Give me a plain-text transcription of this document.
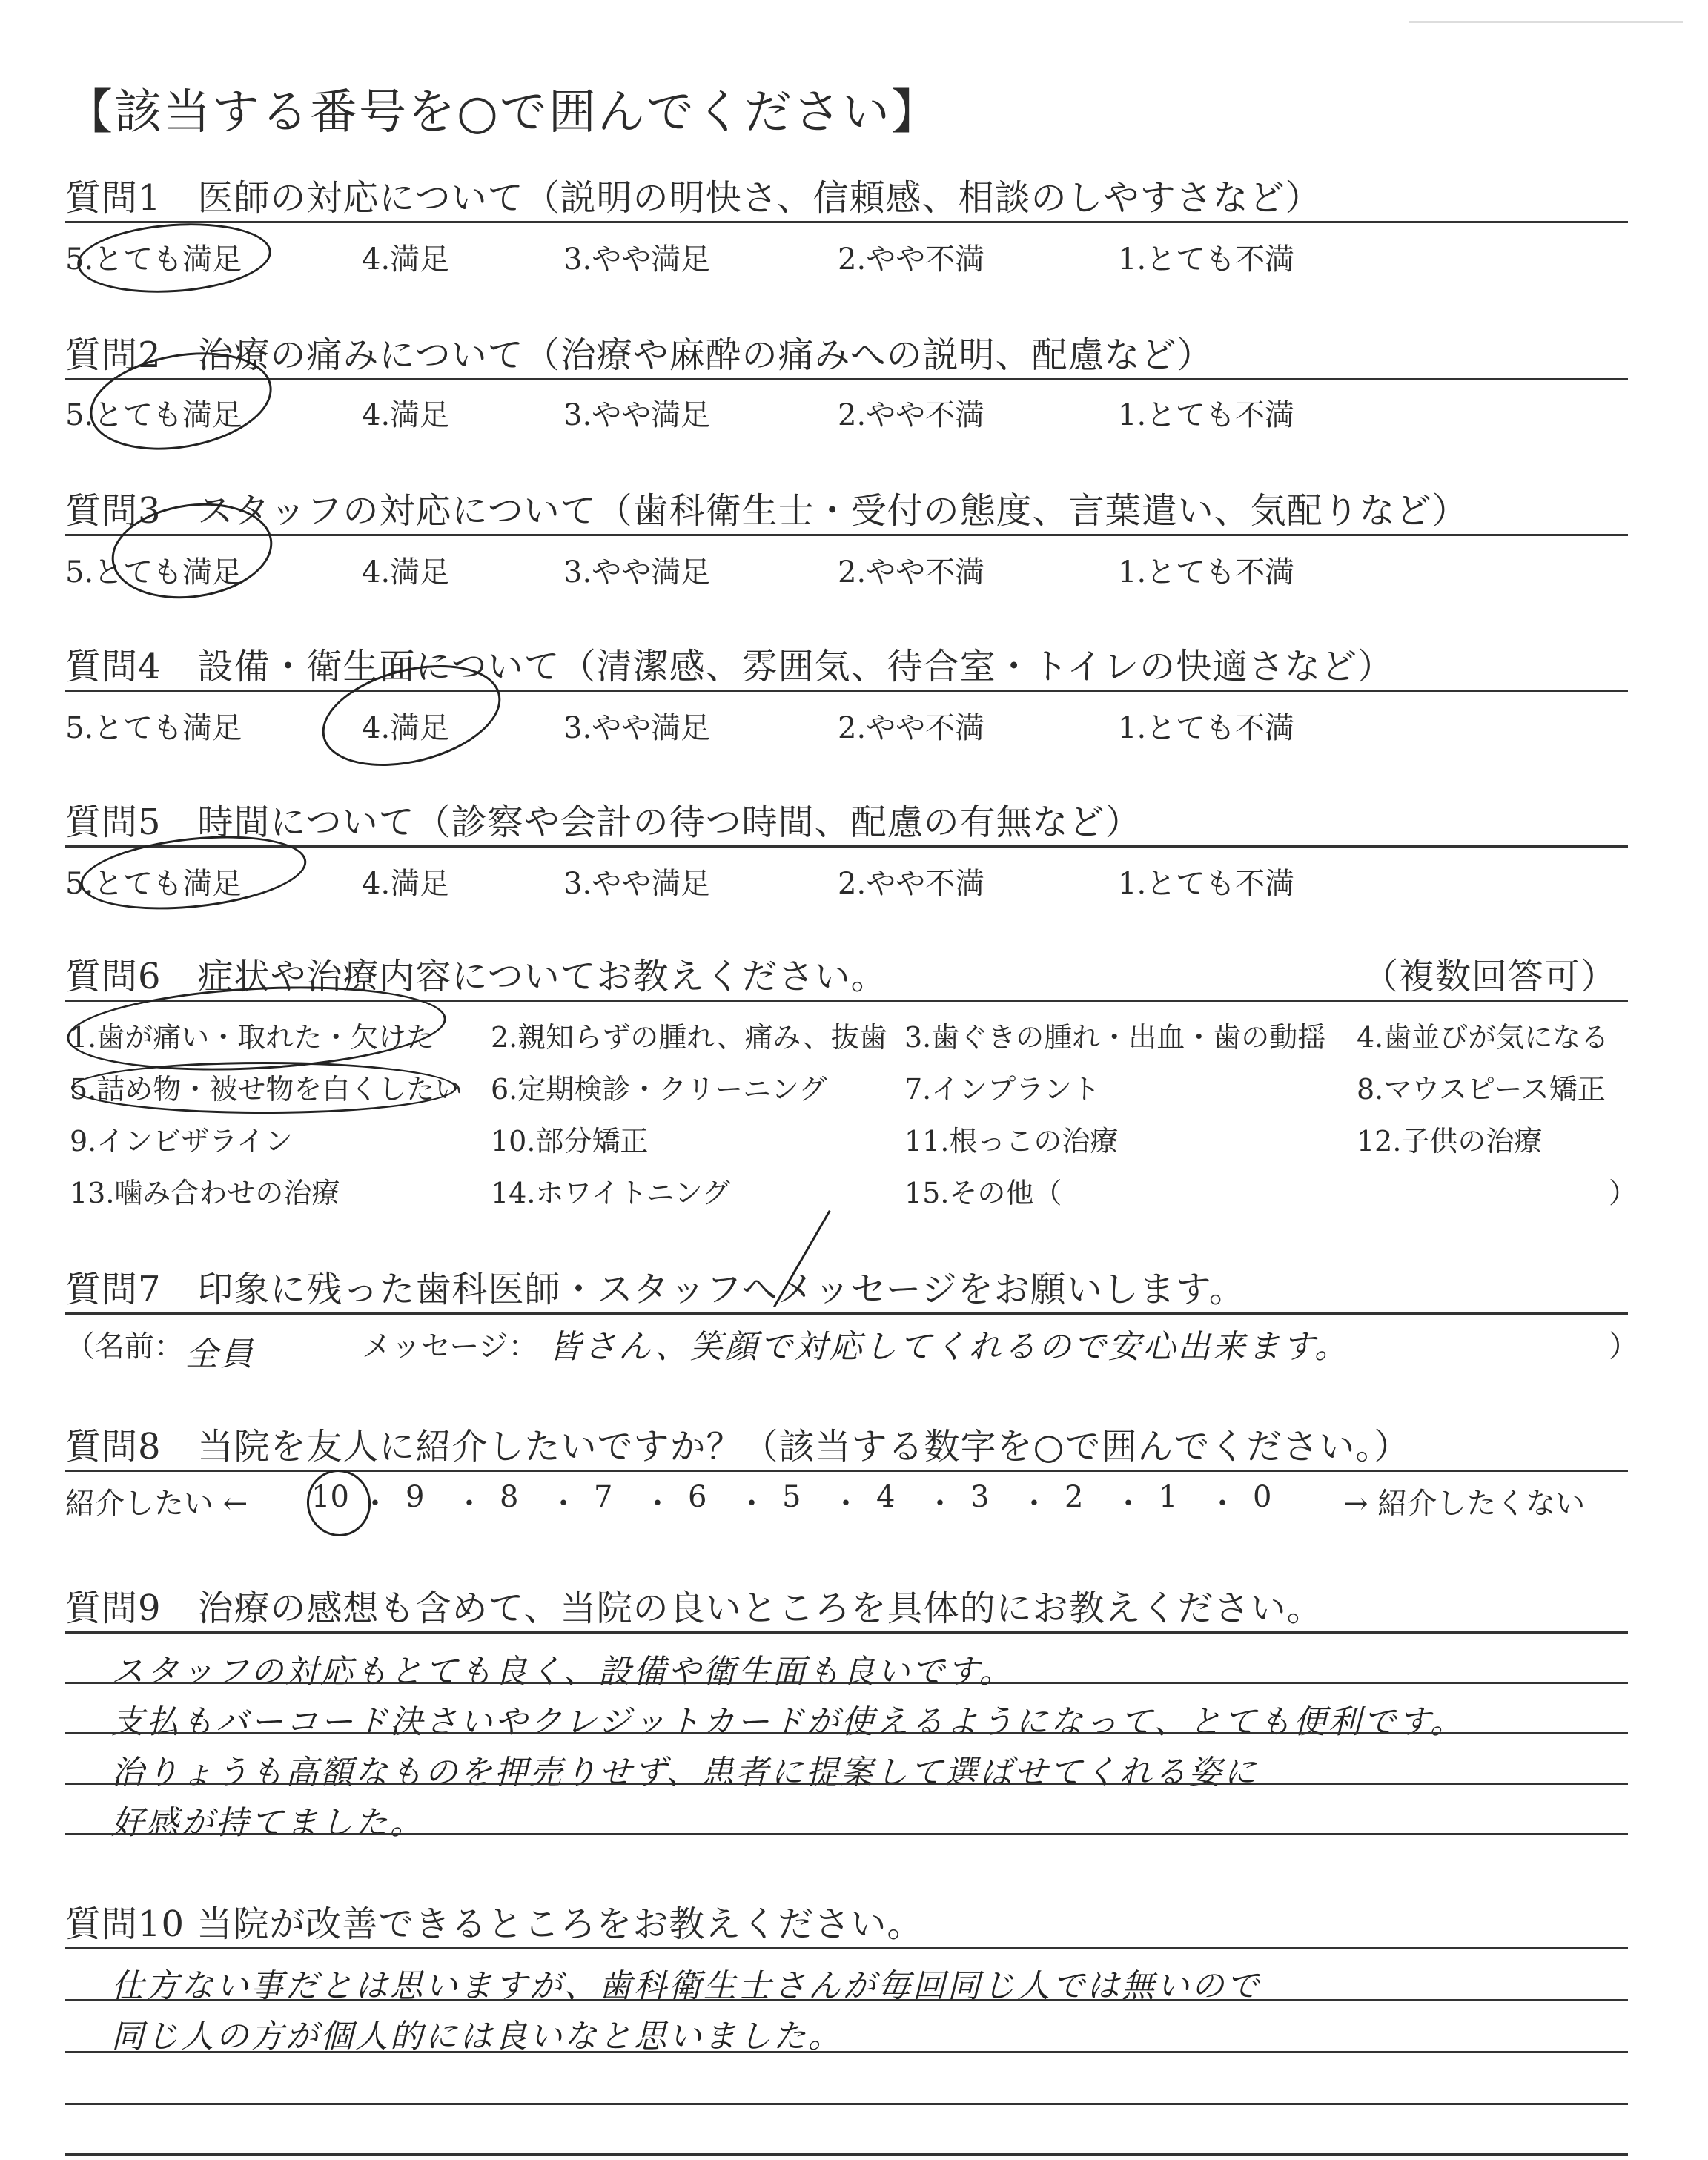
【該当する番号を○で囲んでください】
質問1　医師の対応について（説明の明快さ、信頼感、相談のしやすさなど）
5.とても満足	4.満足	3.やや満足	2.やや不満	1.とても不満
質問2　治療の痛みについて（治療や麻酔の痛みへの説明、配慮など）
5.とても満足	4.満足	3.やや満足	2.やや不満	1.とても不満
質問3　スタッフの対応について（歯科衛生士・受付の態度、言葉遣い、気配りなど）
5.とても満足	4.満足	3.やや満足	2.やや不満	1.とても不満
質問4　設備・衛生面について（清潔感、雰囲気、待合室・トイレの快適さなど）
5.とても満足	4.満足	3.やや満足	2.やや不満	1.とても不満
質問5　時間について（診察や会計の待つ時間、配慮の有無など）
5.とても満足	4.満足	3.やや満足	2.やや不満	1.とても不満
質問6　症状や治療内容についてお教えください。	（複数回答可）
1.歯が痛い・取れた・欠けた 2.親知らずの腫れ、痛み、抜歯 3.歯ぐきの腫れ・出血・歯の動揺 4.歯並びが気になる
5.詰め物・被せ物を白くしたい 6.定期検診・クリーニング	7.インプラント	8.マウスピース矯正
9.インビザライン	10.部分矯正	11.根っこの治療	12.子供の治療
13.噛み合わせの治療	14.ホワイトニング	15.その他（	）
質問7　印象に残った歯科医師・スタッフへメッセージをお願いします。
（名前： 全員	メッセージ： 皆さん、笑顔で対応してくれるので安心出来ます。	）
質問8　当院を友人に紹介したいですか？（該当する数字を○で囲んでください。）
紹介したい ← 10 ・ 9 ・ 8 ・ 7 ・ 6 ・ 5 ・ 4 ・ 3 ・ 2 ・ 1 ・ 0 → 紹介したくない
質問9　治療の感想も含めて、当院の良いところを具体的にお教えください。
スタッフの対応もとても良く、設備や衛生面も良いです。
支払もバーコード決さいやクレジットカードが使えるようになって、とても便利です。
治りょうも高額なものを押売りせず、患者に提案して選ばせてくれる姿に
好感が持てました。
質問10 当院が改善できるところをお教えください。
仕方ない事だとは思いますが、歯科衛生士さんが毎回同じ人では無いので
同じ人の方が個人的には良いなと思いました。
